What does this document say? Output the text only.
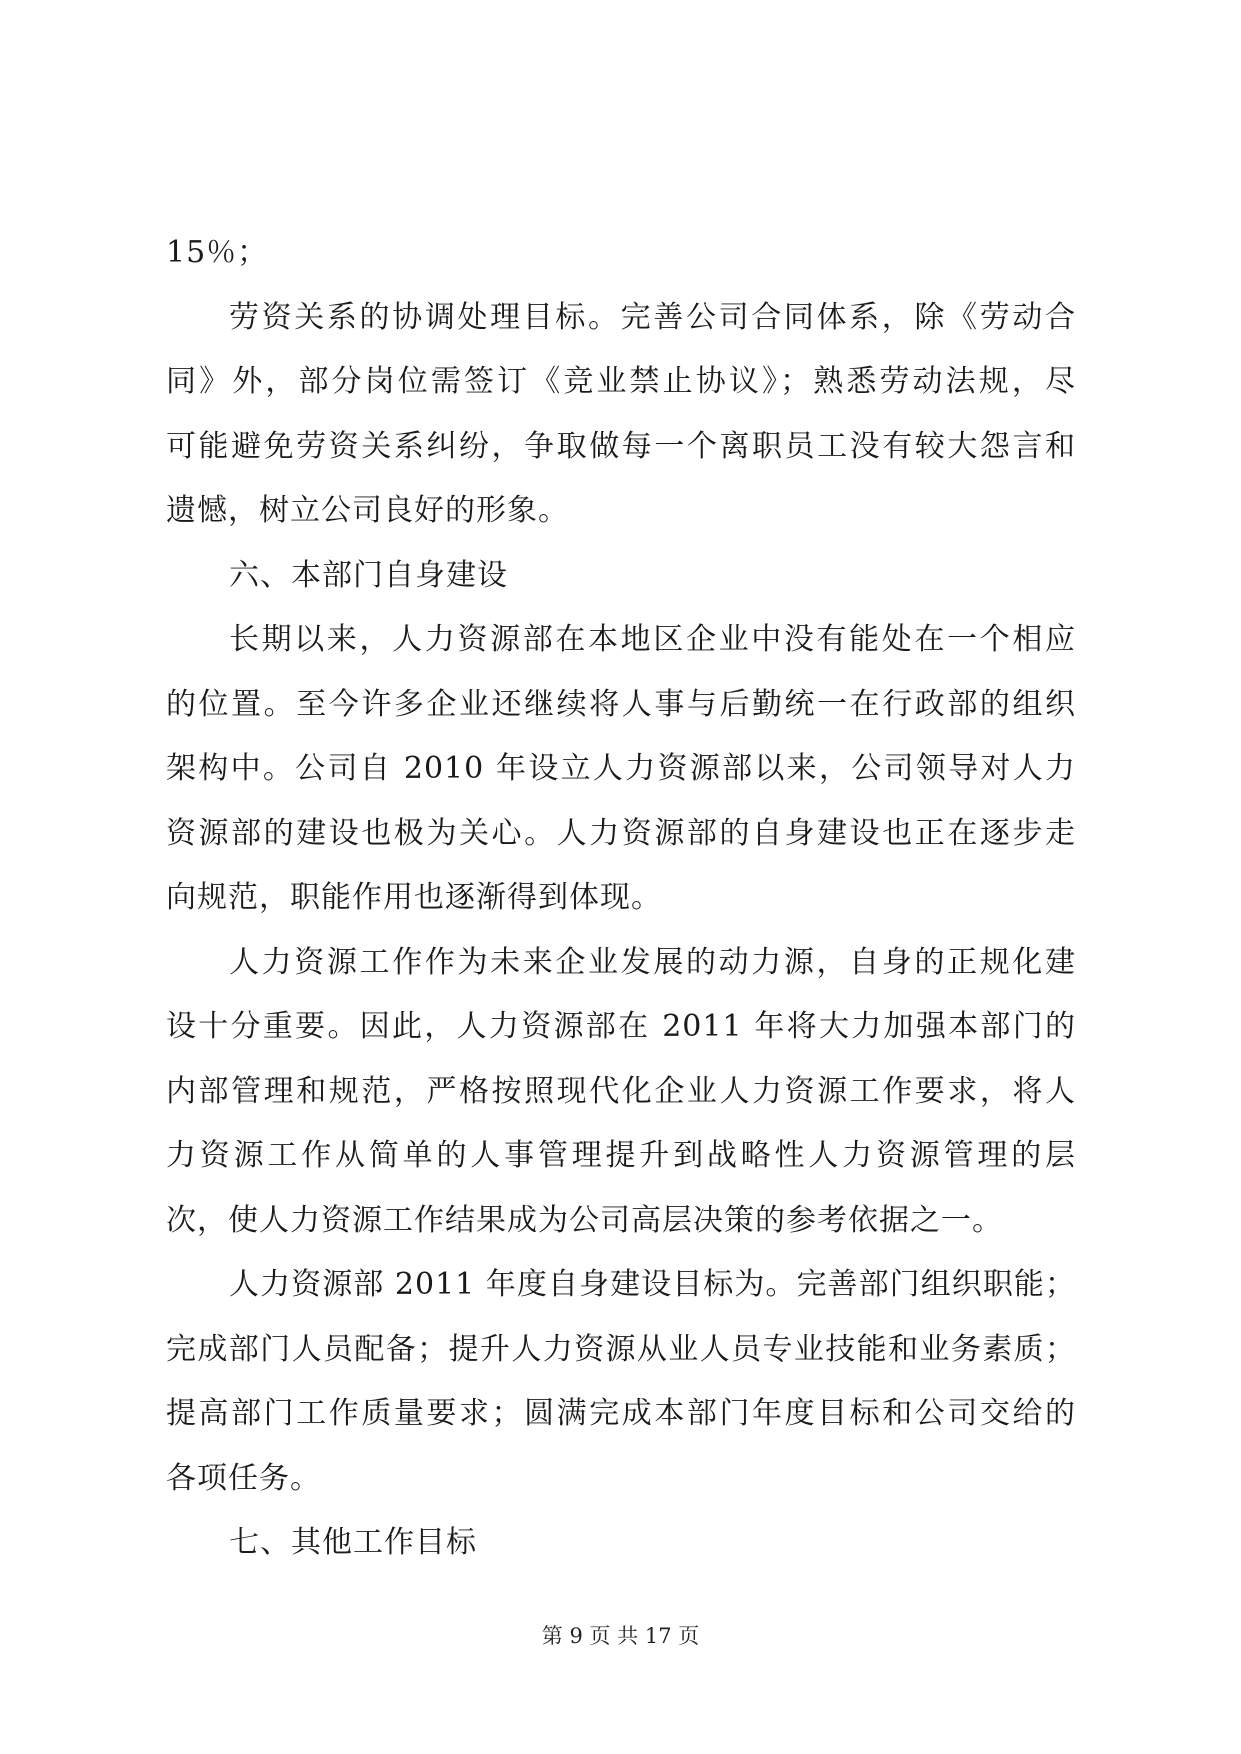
15％；
劳资关系的协调处理目标。完善公司合同体系，除《劳动合
同》外，部分岗位需签订《竞业禁止协议》；熟悉劳动法规，尽
可能避免劳资关系纠纷，争取做每一个离职员工没有较大怨言和
遗憾，树立公司良好的形象。
六、本部门自身建设
长期以来，人力资源部在本地区企业中没有能处在一个相应
的位置。至今许多企业还继续将人事与后勤统一在行政部的组织
架构中。公司自 2010 年设立人力资源部以来，公司领导对人力
资源部的建设也极为关心。人力资源部的自身建设也正在逐步走
向规范，职能作用也逐渐得到体现。
人力资源工作作为未来企业发展的动力源，自身的正规化建
设十分重要。因此，人力资源部在 2011 年将大力加强本部门的
内部管理和规范，严格按照现代化企业人力资源工作要求，将人
力资源工作从简单的人事管理提升到战略性人力资源管理的层
次，使人力资源工作结果成为公司高层决策的参考依据之一。
人力资源部 2011 年度自身建设目标为。完善部门组织职能；
完成部门人员配备；提升人力资源从业人员专业技能和业务素质；
提高部门工作质量要求；圆满完成本部门年度目标和公司交给的
各项任务。
七、其他工作目标
第 9 页 共 17 页
